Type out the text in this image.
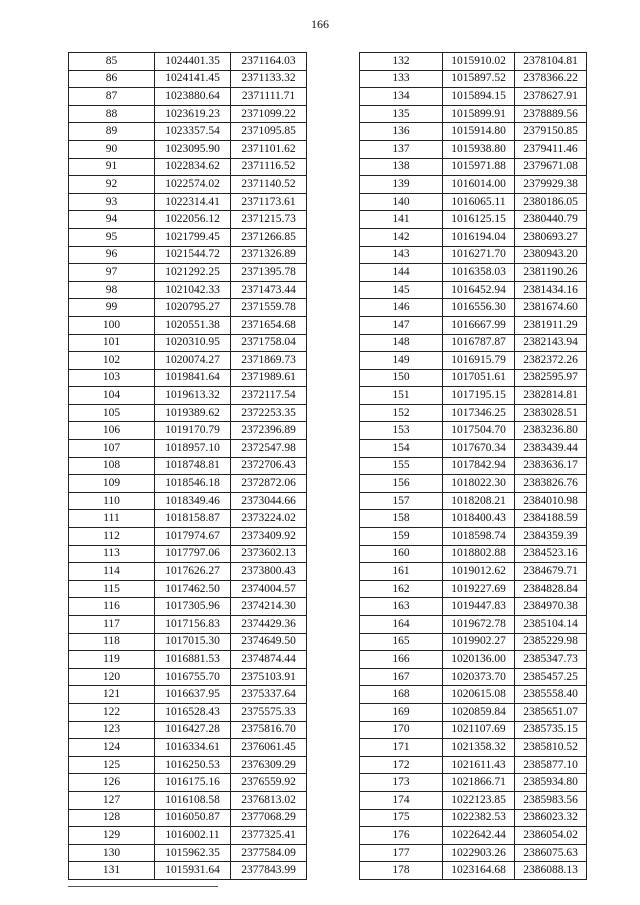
166
85	1024401.35	2371164.03
86	1024141.45	2371133.32
87	1023880.64	2371111.71
88	1023619.23	2371099.22
89	1023357.54	2371095.85
90	1023095.90	2371101.62
91	1022834.62	2371116.52
92	1022574.02	2371140.52
93	1022314.41	2371173.61
94	1022056.12	2371215.73
95	1021799.45	2371266.85
96	1021544.72	2371326.89
97	1021292.25	2371395.78
98	1021042.33	2371473.44
99	1020795.27	2371559.78
100	1020551.38	2371654.68
101	1020310.95	2371758.04
102	1020074.27	2371869.73
103	1019841.64	2371989.61
104	1019613.32	2372117.54
105	1019389.62	2372253.35
106	1019170.79	2372396.89
107	1018957.10	2372547.98
108	1018748.81	2372706.43
109	1018546.18	2372872.06
110	1018349.46	2373044.66
111	1018158.87	2373224.02
112	1017974.67	2373409.92
113	1017797.06	2373602.13
114	1017626.27	2373800.43
115	1017462.50	2374004.57
116	1017305.96	2374214.30
117	1017156.83	2374429.36
118	1017015.30	2374649.50
119	1016881.53	2374874.44
120	1016755.70	2375103.91
121	1016637.95	2375337.64
122	1016528.43	2375575.33
123	1016427.28	2375816.70
124	1016334.61	2376061.45
125	1016250.53	2376309.29
126	1016175.16	2376559.92
127	1016108.58	2376813.02
128	1016050.87	2377068.29
129	1016002.11	2377325.41
130	1015962.35	2377584.09
131	1015931.64	2377843.99
132	1015910.02	2378104.81
133	1015897.52	2378366.22
134	1015894.15	2378627.91
135	1015899.91	2378889.56
136	1015914.80	2379150.85
137	1015938.80	2379411.46
138	1015971.88	2379671.08
139	1016014.00	2379929.38
140	1016065.11	2380186.05
141	1016125.15	2380440.79
142	1016194.04	2380693.27
143	1016271.70	2380943.20
144	1016358.03	2381190.26
145	1016452.94	2381434.16
146	1016556.30	2381674.60
147	1016667.99	2381911.29
148	1016787.87	2382143.94
149	1016915.79	2382372.26
150	1017051.61	2382595.97
151	1017195.15	2382814.81
152	1017346.25	2383028.51
153	1017504.70	2383236.80
154	1017670.34	2383439.44
155	1017842.94	2383636.17
156	1018022.30	2383826.76
157	1018208.21	2384010.98
158	1018400.43	2384188.59
159	1018598.74	2384359.39
160	1018802.88	2384523.16
161	1019012.62	2384679.71
162	1019227.69	2384828.84
163	1019447.83	2384970.38
164	1019672.78	2385104.14
165	1019902.27	2385229.98
166	1020136.00	2385347.73
167	1020373.70	2385457.25
168	1020615.08	2385558.40
169	1020859.84	2385651.07
170	1021107.69	2385735.15
171	1021358.32	2385810.52
172	1021611.43	2385877.10
173	1021866.71	2385934.80
174	1022123.85	2385983.56
175	1022382.53	2386023.32
176	1022642.44	2386054.02
177	1022903.26	2386075.63
178	1023164.68	2386088.13
